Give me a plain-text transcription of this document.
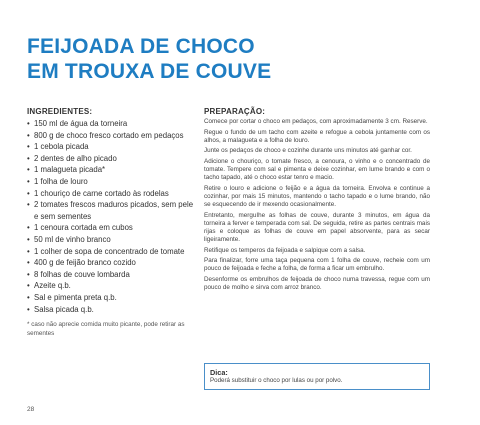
FEIJOADA DE CHOCO
EM TROUXA DE COUVE
INGREDIENTES:
• 150 ml de água da torneira
• 800 g de choco fresco cortado em pedaços
• 1 cebola picada
• 2 dentes de alho picado
• 1 malagueta picada*
• 1 folha de louro
• 1 chouriço de carne cortado às rodelas
• 2 tomates frescos maduros picados, sem pele e sem sementes
• 1 cenoura cortada em cubos
• 50 ml de vinho branco
• 1 colher de sopa de concentrado de tomate
• 400 g de feijão branco cozido
• 8 folhas de couve lombarda
• Azeite q.b.
• Sal e pimenta preta q.b.
• Salsa picada q.b.
* caso não aprecie comida muito picante, pode retirar as sementes
PREPARAÇÃO:

Comece por cortar o choco em pedaços, com aproximadamente 3 cm. Reserve.

Regue o fundo de um tacho com azeite e refogue a cebola juntamente com os alhos, a malagueta e a folha de louro.

Junte os pedaços de choco e cozinhe durante uns minutos até ganhar cor.

Adicione o chouriço, o tomate fresco, a cenoura, o vinho e o concentrado de tomate. Tempere com sal e pimenta e deixe cozinhar, em lume brando e com o tacho tapado, até o choco estar tenro e macio.

Retire o louro e adicione o feijão e a água da torneira. Envolva e continue a cozinhar, por mais 15 minutos, mantendo o tacho tapado e o lume brando, não se esquecendo de ir mexendo ocasionalmente.

Entretanto, merguIhe as folhas de couve, durante 3 minutos, em água da torneira a ferver e temperada com sal. De seguida, retire as partes centrais mais rijas e coloque as folhas de couve em papel absorvente, para as secar ligeiramente.

Retifique os temperos da feijoada e salpique com a salsa.

Para finalizar, forre uma taça pequena com 1 folha de couve, recheie com um pouco de feijoada e feche a folha, de forma a ficar um embrulho.

Desenforme os embrulhos de feijoada de choco numa travessa, regue com um pouco de molho e sirva com arroz branco.

Dica:
Poderá substituir o choco por lulas ou por polvo.
28
